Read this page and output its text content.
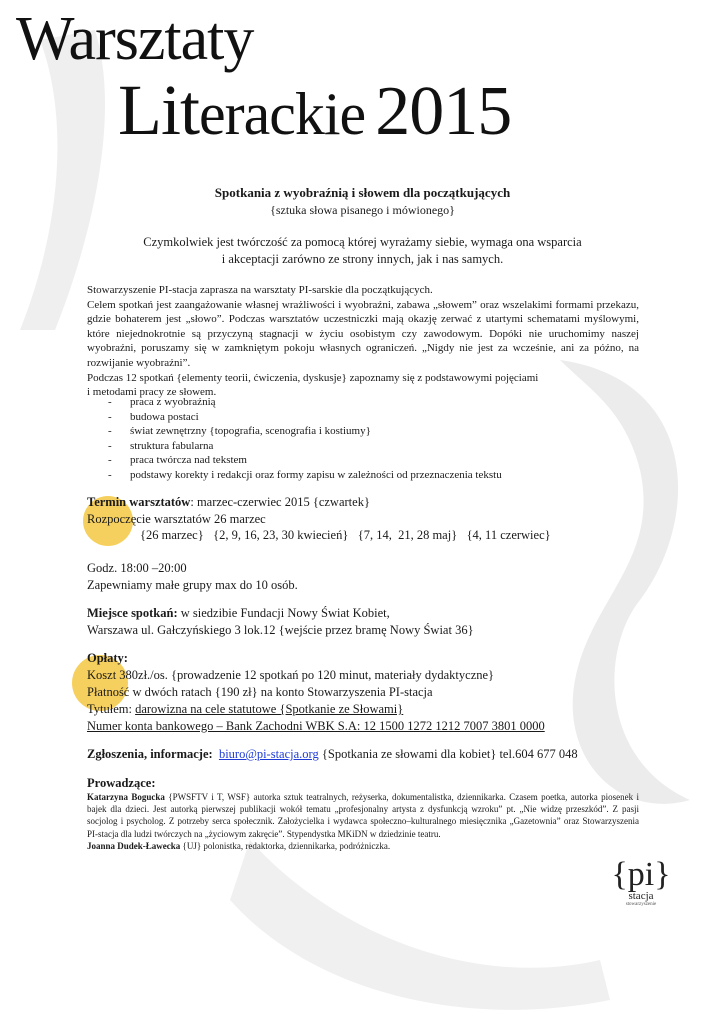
Warsztaty
Literackie 2015
Spotkania z wyobraźnią i słowem dla początkujących
{sztuka słowa pisanego i mówionego}
Czymkolwiek jest twórczość za pomocą której wyrażamy siebie, wymaga ona wsparcia
i akceptacji zarówno ze strony innych, jak i nas samych.
Stowarzyszenie PI-stacja zaprasza na warsztaty PI-sarskie dla początkujących.
Celem spotkań jest zaangażowanie własnej wrażliwości i wyobraźni, zabawa „słowem” oraz wszelakimi formami przekazu, gdzie bohaterem jest „słowo”. Podczas warsztatów uczestniczki mają okazję zerwać z utartymi schematami myślowymi, które niejednokrotnie są przyczyną stagnacji w życiu osobistym czy zawodowym. Dopóki nie uruchomimy naszej wyobraźni, poruszamy się w zamkniętym pokoju własnych ograniczeń. „Nigdy nie jest za wcześnie, ani za późno, na rozwijanie wyobraźni”.
Podczas 12 spotkań {elementy teorii, ćwiczenia, dyskusje} zapoznamy się z podstawowymi pojęciami
i metodami pracy ze słowem.
- praca z wyobraźnią
- budowa postaci
- świat zewnętrzny {topografia, scenografia i kostiumy}
- struktura fabularna
- praca twórcza nad tekstem
- podstawy korekty i redakcji oraz formy zapisu w zależności od przeznaczenia tekstu
Termin warsztatów: marzec-czerwiec 2015 {czwartek}
Rozpoczęcie warsztatów 26 marzec
{26 marzec}   {2, 9, 16, 23, 30 kwiecień}   {7, 14,  21, 28 maj}   {4, 11 czerwiec}
Godz. 18:00 –20:00
Zapewniamy małe grupy max do 10 osób.
Miejsce spotkań: w siedzibie Fundacji Nowy Świat Kobiet,
Warszawa ul. Gałczyńskiego 3 lok.12 {wejście przez bramę Nowy Świat 36}
Opłaty:
Koszt 380zł./os. {prowadzenie 12 spotkań po 120 minut, materiały dydaktyczne}
Płatność w dwóch ratach {190 zł} na konto Stowarzyszenia PI-stacja
Tytułem: darowizna na cele statutowe {Spotkanie ze Słowami}
Numer konta bankowego – Bank Zachodni WBK S.A: 12 1500 1272 1212 7007 3801 0000
Zgłoszenia, informacje: biuro@pi-stacja.org {Spotkania ze słowami dla kobiet} tel.604 677 048
Prowadzące:
Katarzyna Bogucka {PWSFTV i T, WSF} autorka sztuk teatralnych, reżyserka, dokumentalistka, dziennikarka. Czasem poetka, autorka piosenek i bajek dla dzieci. Jest autorką pierwszej publikacji wokół tematu „profesjonalny artysta z dysfunkcją wzroku” pt. „Nie widzę przeszkód”. Z pasji socjolog i psycholog. Z potrzeby serca społecznik. Założycielka i wydawca społeczno–kulturalnego miesięcznika „Gazetownia” oraz Stowarzyszenia PI-stacja dla ludzi twórczych na „życiowym zakręcie”. Stypendystka MKiDN w dziedzinie teatru.
Joanna Dudek-Ławecka {UJ} polonistka, redaktorka, dziennikarka, podróżniczka.
{pi}
stacja
stowarzyszenie
